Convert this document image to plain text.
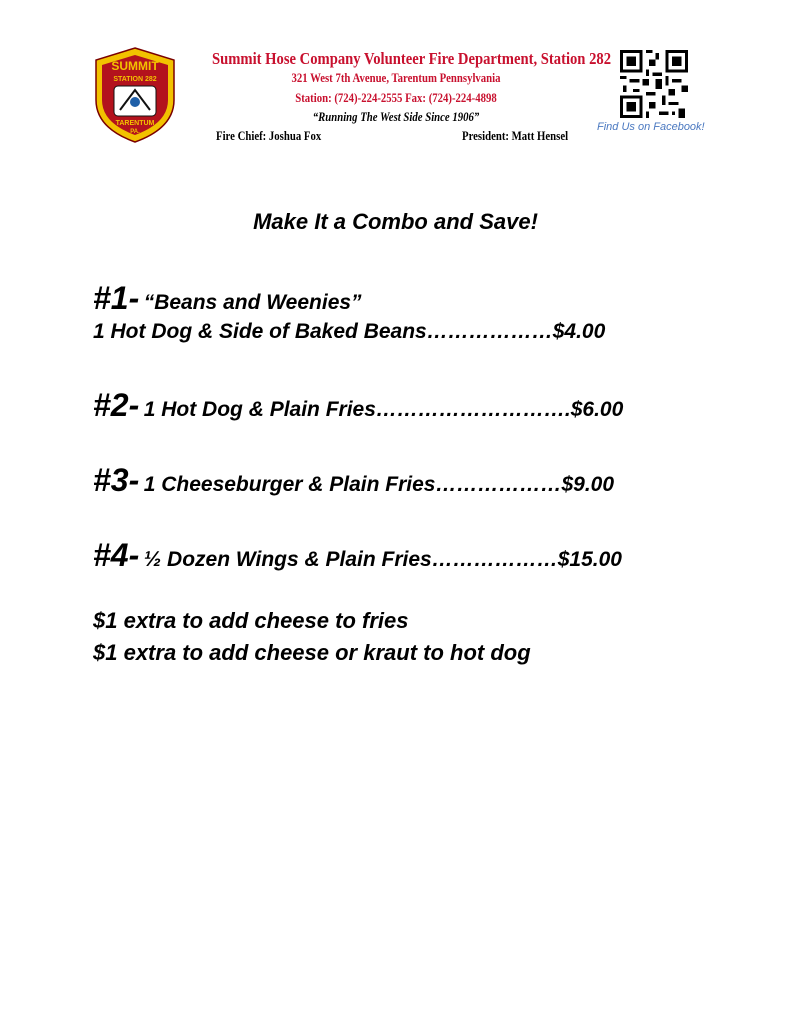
SUMMIT
STATION 282
TARENTUM
PA.
Summit Hose Company Volunteer Fire Department, Station 282
321 West 7th Avenue, Tarentum Pennsylvania
Station: (724)-224-2555 Fax: (724)-224-4898
“Running The West Side Since 1906”
Fire Chief: Joshua Fox	President: Matt Hensel
Find Us on Facebook!
Make It a Combo and Save!
#1- “Beans and Weenies”
1 Hot Dog & Side of Baked Beans………………$4.00
#2- 1 Hot Dog & Plain Fries……………………….$6.00
#3- 1 Cheeseburger & Plain Fries………………$9.00
#4- ½ Dozen Wings & Plain Fries………………$15.00
$1 extra to add cheese to fries
$1 extra to add cheese or kraut to hot dog
